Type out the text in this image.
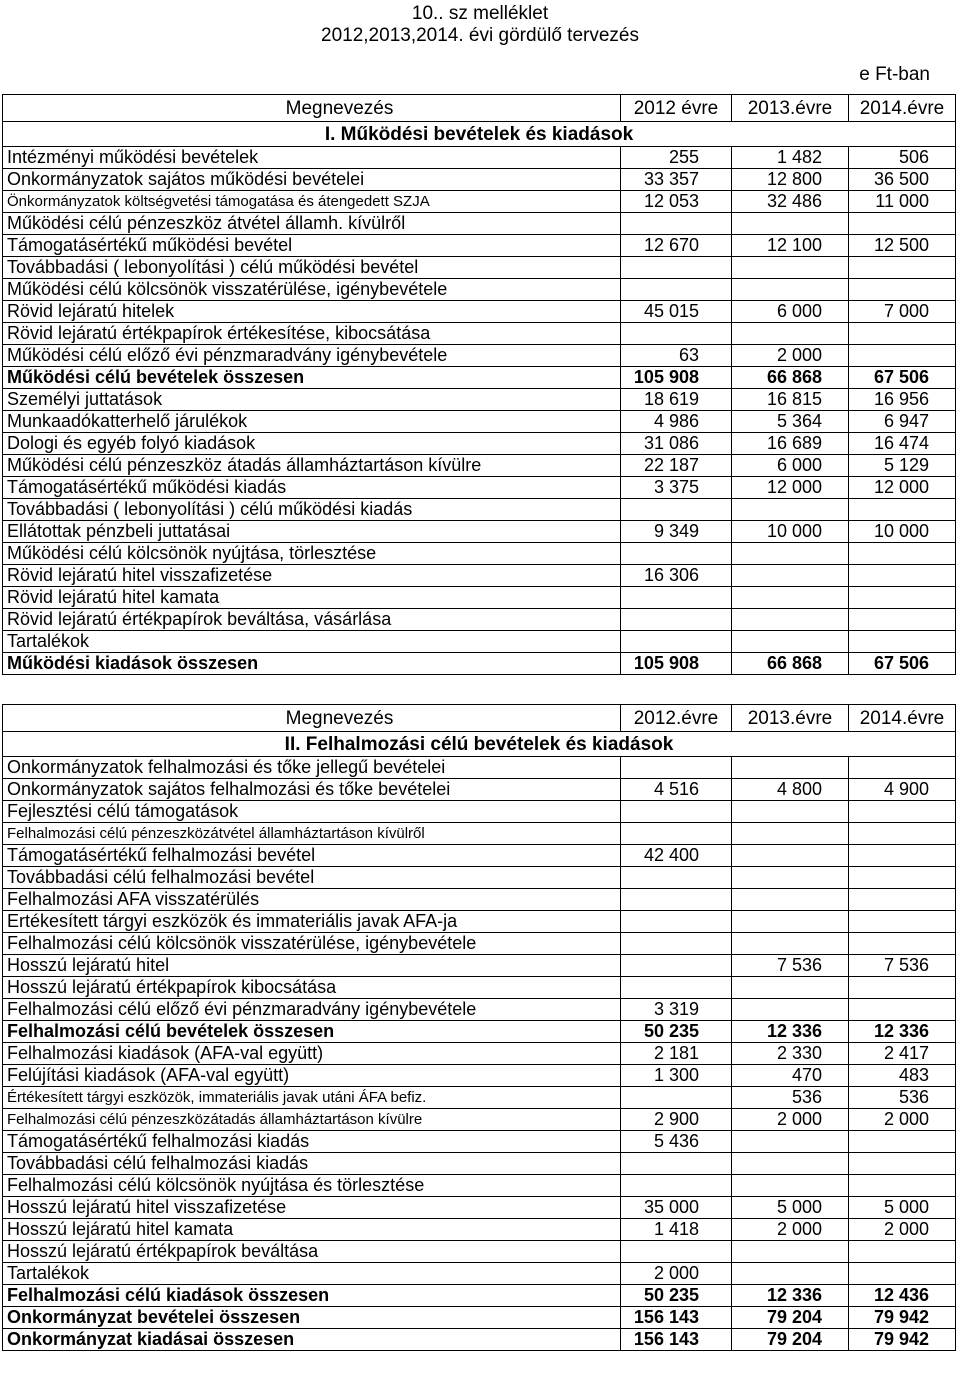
10.. sz melléklet
2012,2013,2014. évi gördülő tervezés
e Ft-ban
Megnevezés	2012 évre	2013.évre	2014.évre
I. Működési bevételek és kiadások			
Intézményi működési bevételek	255	1 482	506
Onkormányzatok sajátos működési bevételei	33 357	12 800	36 500
Önkormányzatok költségvetési támogatása és átengedett SZJA	12 053	32 486	11 000
Működési célú pénzeszköz átvétel államh. kívülről			
Támogatásértékű működési bevétel	12 670	12 100	12 500
Továbbadási ( lebonyolítási ) célú működési bevétel			
Működési célú kölcsönök visszatérülése, igénybevétele			
Rövid lejáratú hitelek	45 015	6 000	7 000
Rövid lejáratú értékpapírok értékesítése, kibocsátása			
Működési célú előző évi pénzmaradvány igénybevétele	63	2 000	
Működési célú bevételek összesen	105 908	66 868	67 506
Személyi juttatások	18 619	16 815	16 956
Munkaadókatterhelő járulékok	4 986	5 364	6 947
Dologi és egyéb folyó kiadások	31 086	16 689	16 474
Működési célú pénzeszköz átadás államháztartáson kívülre	22 187	6 000	5 129
Támogatásértékű működési kiadás	3 375	12 000	12 000
Továbbadási ( lebonyolítási ) célú működési kiadás			
Ellátottak pénzbeli juttatásai	9 349	10 000	10 000
Működési célú kölcsönök nyújtása, törlesztése			
Rövid lejáratú hitel visszafizetése	16 306		
Rövid lejáratú hitel kamata			
Rövid lejáratú értékpapírok beváltása, vásárlása			
Tartalékok			
Működési kiadások összesen	105 908	66 868	67 506
Megnevezés	2012.évre	2013.évre	2014.évre
II. Felhalmozási célú bevételek és kiadások			
Onkormányzatok felhalmozási és tőke jellegű bevételei			
Onkormányzatok sajátos felhalmozási és tőke bevételei	4 516	4 800	4 900
Fejlesztési célú támogatások			
Felhalmozási célú pénzeszközátvétel államháztartáson kívülről			
Támogatásértékű felhalmozási bevétel	42 400		
Továbbadási célú felhalmozási bevétel			
Felhalmozási AFA visszatérülés			
Ertékesített tárgyi eszközök és immateriális javak AFA-ja			
Felhalmozási célú kölcsönök visszatérülése, igénybevétele			
Hosszú lejáratú hitel		7 536	7 536
Hosszú lejáratú értékpapírok kibocsátása			
Felhalmozási célú előző évi pénzmaradvány igénybevétele	3 319		
Felhalmozási célú bevételek összesen	50 235	12 336	12 336
Felhalmozási kiadások (AFA-val együtt)	2 181	2 330	2 417
Felújítási kiadások (AFA-val együtt)	1 300	470	483
Értékesített tárgyi eszközök, immateriális javak utáni ÁFA befiz.		536	536
Felhalmozási célú pénzeszközátadás államháztartáson kívülre	2 900	2 000	2 000
Támogatásértékű felhalmozási kiadás	5 436		
Továbbadási célú felhalmozási kiadás			
Felhalmozási célú kölcsönök nyújtása és törlesztése			
Hosszú lejáratú hitel visszafizetése	35 000	5 000	5 000
Hosszú lejáratú hitel kamata	1 418	2 000	2 000
Hosszú lejáratú értékpapírok beváltása			
Tartalékok	2 000		
Felhalmozási célú kiadások összesen	50 235	12 336	12 436
Onkormányzat bevételei összesen	156 143	79 204	79 942
Onkormányzat kiadásai összesen	156 143	79 204	79 942
